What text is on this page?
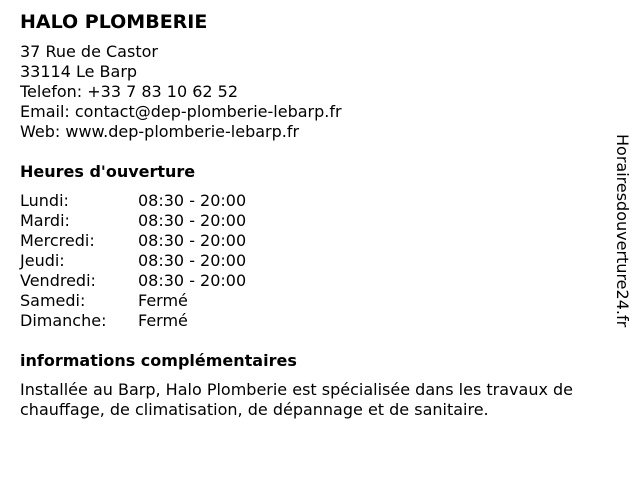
HALO PLOMBERIE
37 Rue de Castor
33114 Le Barp
Telefon: +33 7 83 10 62 52
Email: contact@dep-plomberie-lebarp.fr
Web: www.dep-plomberie-lebarp.fr
Heures d'ouverture
Lundi:	08:30 - 20:00
Mardi:	08:30 - 20:00
Mercredi:	08:30 - 20:00
Jeudi:	08:30 - 20:00
Vendredi:	08:30 - 20:00
Samedi:	Fermé
Dimanche:	Fermé
informations complémentaires
Installée au Barp, Halo Plomberie est spécialisée dans les travaux de chauffage, de climatisation, de dépannage et de sanitaire.
Horairesdouverture24.fr
